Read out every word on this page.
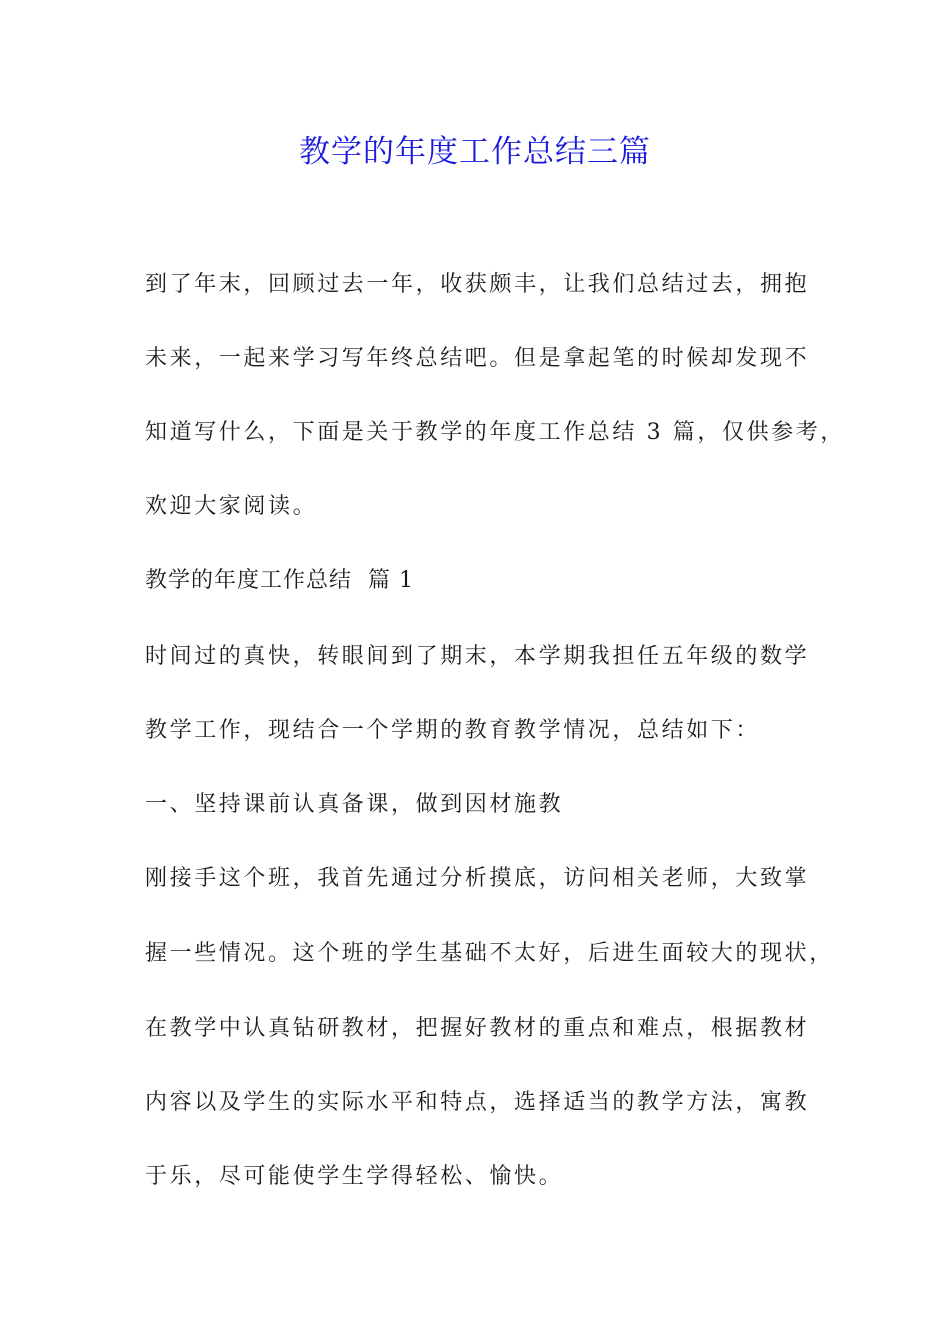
教学的年度工作总结三篇

到了年末，回顾过去一年，收获颇丰，让我们总结过去，拥抱

未来，一起来学习写年终总结吧。但是拿起笔的时候却发现不

知道写什么，下面是关于教学的年度工作总结 3 篇，仅供参考，

欢迎大家阅读。

教学的年度工作总结  篇 1

时间过的真快，转眼间到了期末，本学期我担任五年级的数学

教学工作，现结合一个学期的教育教学情况，总结如下：

一、坚持课前认真备课，做到因材施教

刚接手这个班，我首先通过分析摸底，访问相关老师，大致掌

握一些情况。这个班的学生基础不太好，后进生面较大的现状，

在教学中认真钻研教材，把握好教材的重点和难点，根据教材

内容以及学生的实际水平和特点，选择适当的教学方法，寓教

于乐，尽可能使学生学得轻松、愉快。
